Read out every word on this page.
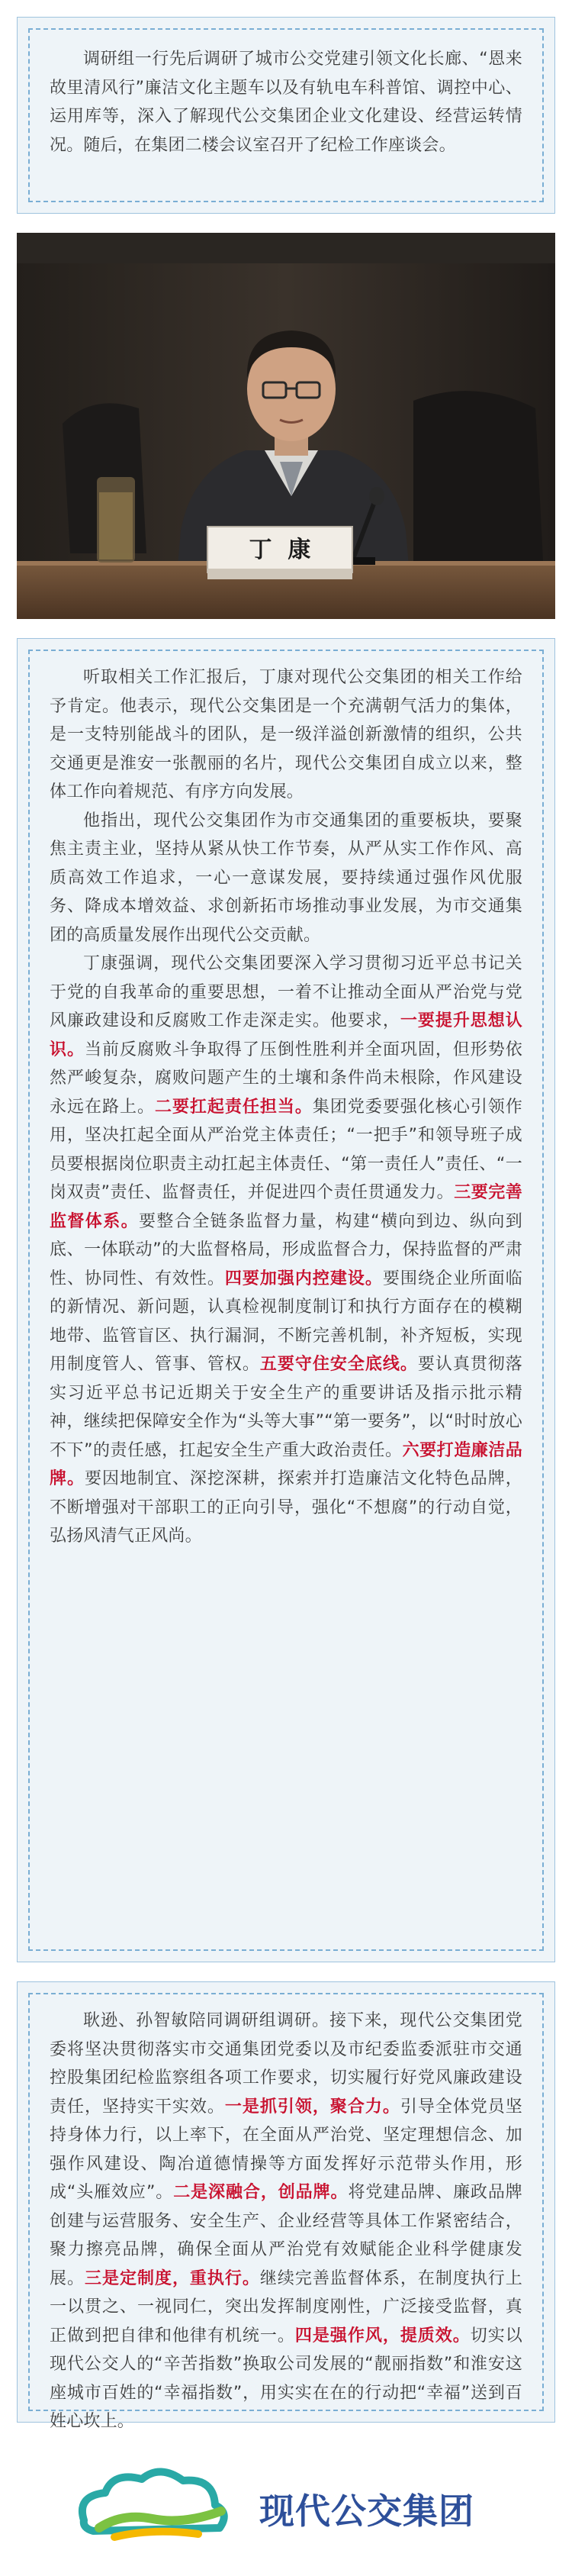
调研组一行先后调研了城市公交党建引领文化长廊、“恩来故里清风行”廉洁文化主题车以及有轨电车科普馆、调控中心、运用库等，深入了解现代公交集团企业文化建设、经营运转情况。随后，在集团二楼会议室召开了纪检工作座谈会。

丁  康

听取相关工作汇报后，丁康对现代公交集团的相关工作给予肯定。他表示，现代公交集团是一个充满朝气活力的集体，是一支特别能战斗的团队，是一级洋溢创新激情的组织，公共交通更是淮安一张靓丽的名片，现代公交集团自成立以来，整体工作向着规范、有序方向发展。

他指出，现代公交集团作为市交通集团的重要板块，要聚焦主责主业，坚持从紧从快工作节奏，从严从实工作作风、高质高效工作追求，一心一意谋发展，要持续通过强作风优服务、降成本增效益、求创新拓市场推动事业发展，为市交通集团的高质量发展作出现代公交贡献。

丁康强调，现代公交集团要深入学习贯彻习近平总书记关于党的自我革命的重要思想，一着不让推动全面从严治党与党风廉政建设和反腐败工作走深走实。他要求，一要提升思想认识。当前反腐败斗争取得了压倒性胜利并全面巩固，但形势依然严峻复杂，腐败问题产生的土壤和条件尚未根除，作风建设永远在路上。二要扛起责任担当。集团党委要强化核心引领作用，坚决扛起全面从严治党主体责任；“一把手”和领导班子成员要根据岗位职责主动扛起主体责任、“第一责任人”责任、“一岗双责”责任、监督责任，并促进四个责任贯通发力。三要完善监督体系。要整合全链条监督力量，构建“横向到边、纵向到底、一体联动”的大监督格局，形成监督合力，保持监督的严肃性、协同性、有效性。四要加强内控建设。要围绕企业所面临的新情况、新问题，认真检视制度制订和执行方面存在的模糊地带、监管盲区、执行漏洞，不断完善机制，补齐短板，实现用制度管人、管事、管权。五要守住安全底线。要认真贯彻落实习近平总书记近期关于安全生产的重要讲话及指示批示精神，继续把保障安全作为“头等大事”“第一要务”，以“时时放心不下”的责任感，扛起安全生产重大政治责任。六要打造廉洁品牌。要因地制宜、深挖深耕，探索并打造廉洁文化特色品牌，不断增强对干部职工的正向引导，强化“不想腐”的行动自觉，弘扬风清气正风尚。

耿逊、孙智敏陪同调研组调研。接下来，现代公交集团党委将坚决贯彻落实市交通集团党委以及市纪委监委派驻市交通控股集团纪检监察组各项工作要求，切实履行好党风廉政建设责任，坚持实干实效。一是抓引领，聚合力。引导全体党员坚持身体力行，以上率下，在全面从严治党、坚定理想信念、加强作风建设、陶冶道德情操等方面发挥好示范带头作用，形成“头雁效应”。二是深融合，创品牌。将党建品牌、廉政品牌创建与运营服务、安全生产、企业经营等具体工作紧密结合，聚力擦亮品牌，确保全面从严治党有效赋能企业科学健康发展。三是定制度，重执行。继续完善监督体系，在制度执行上一以贯之、一视同仁，突出发挥制度刚性，广泛接受监督，真正做到把自律和他律有机统一。四是强作风，提质效。切实以现代公交人的“辛苦指数”换取公司发展的“靓丽指数”和淮安这座城市百姓的“幸福指数”，用实实在在的行动把“幸福”送到百姓心坎上。

现代公交集团
